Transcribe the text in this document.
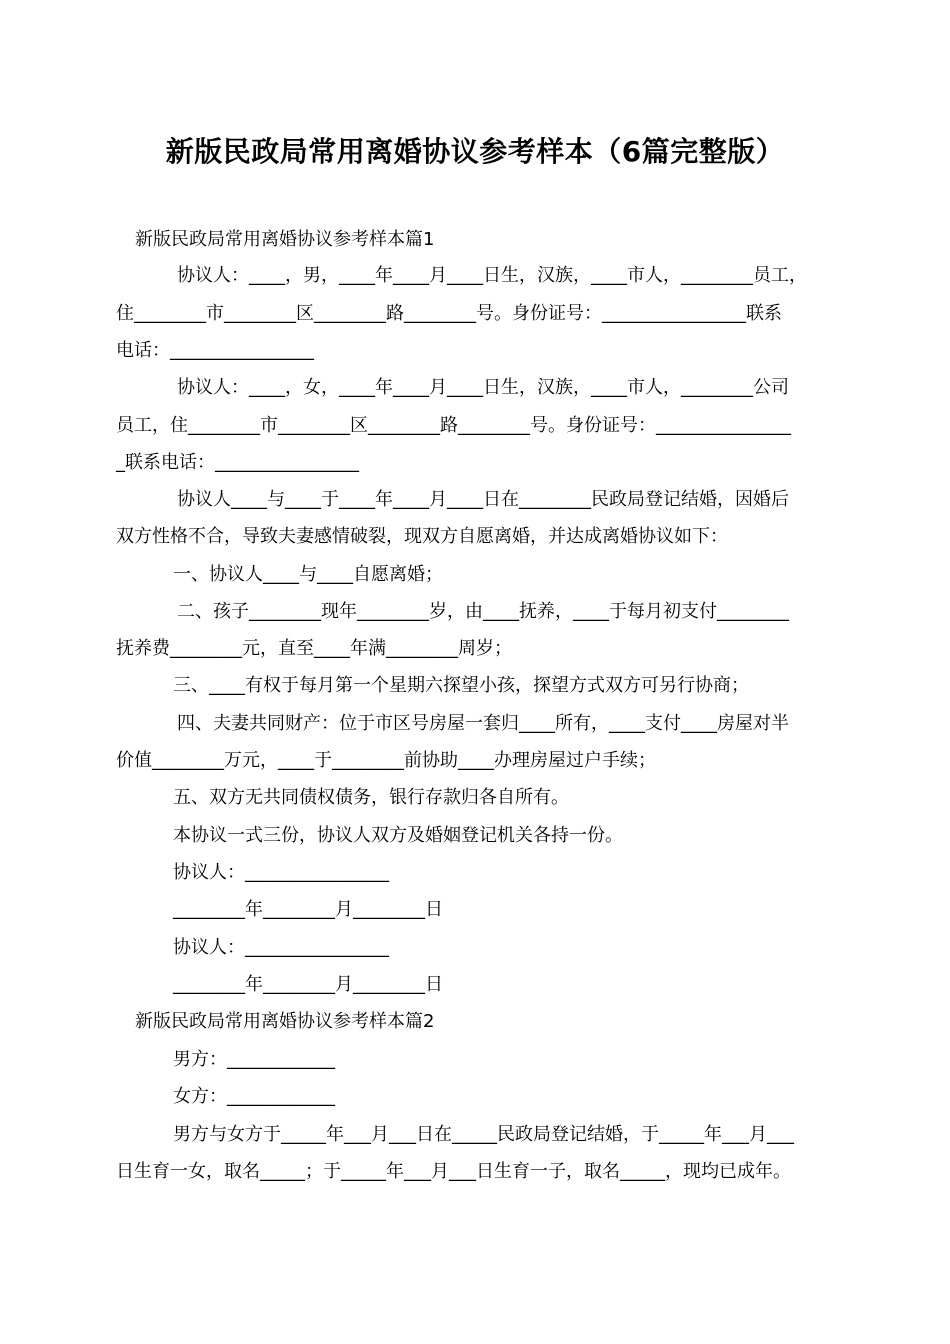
新版民政局常用离婚协议参考样本（6篇完整版）
新版民政局常用离婚协议参考样本篇1
协议人：____，男，____年____月____日生，汉族，____市人，________员工，
住________市________区________路________号。身份证号：________________联系
电话：________________
协议人：____，女，____年____月____日生，汉族，____市人，________公司
员工，住________市________区________路________号。身份证号：_______________
_联系电话：________________
协议人____与____于____年____月____日在________民政局登记结婚，因婚后
双方性格不合，导致夫妻感情破裂，现双方自愿离婚，并达成离婚协议如下：
一、协议人____与____自愿离婚；
二、孩子________现年________岁，由____抚养，____于每月初支付________
抚养费________元，直至____年满________周岁；
三、____有权于每月第一个星期六探望小孩，探望方式双方可另行协商；
四、夫妻共同财产：位于市区号房屋一套归____所有，____支付____房屋对半
价值________万元，____于________前协助____办理房屋过户手续；
五、双方无共同债权债务，银行存款归各自所有。
本协议一式三份，协议人双方及婚姻登记机关各持一份。
协议人：________________
________年________月________日
协议人：________________
________年________月________日
新版民政局常用离婚协议参考样本篇2
男方：____________
女方：____________
男方与女方于_____年___月___日在_____民政局登记结婚，于_____年___月___
日生育一女，取名_____；于_____年___月___日生育一子，取名_____，现均已成年。
